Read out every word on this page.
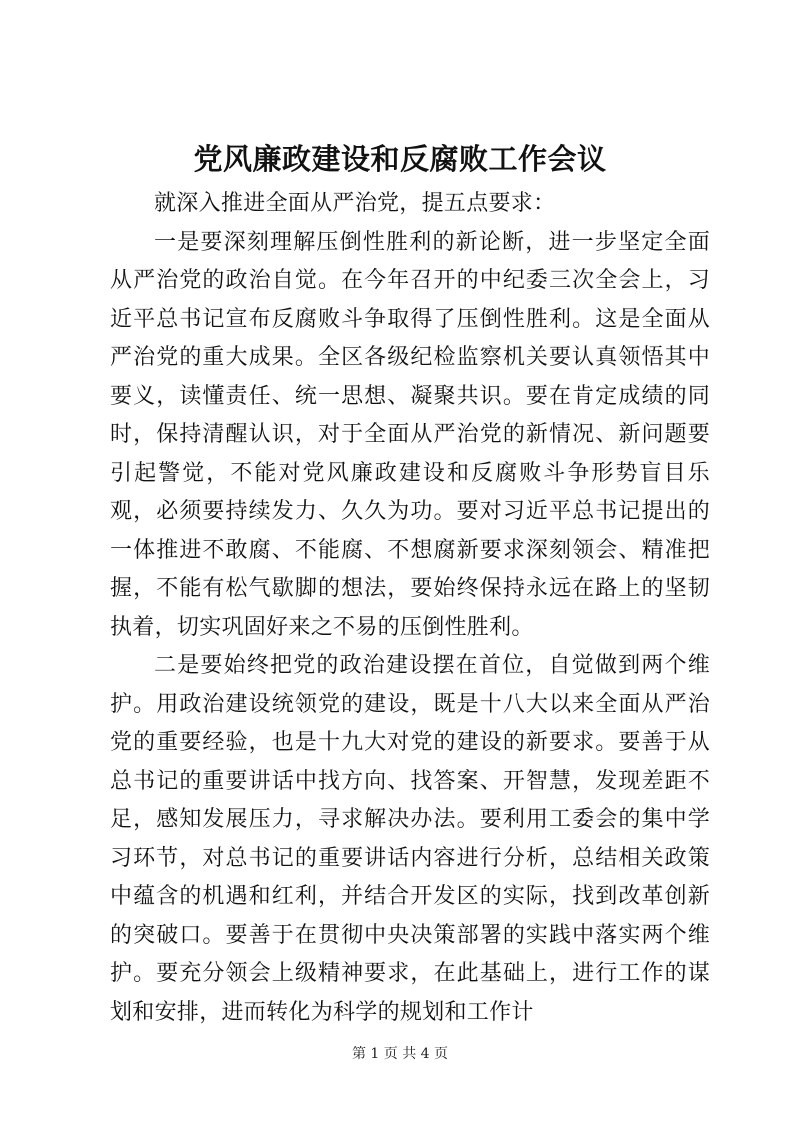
党风廉政建设和反腐败工作会议

就深入推进全面从严治党，提五点要求：

一是要深刻理解压倒性胜利的新论断，进一步坚定全面从严治党的政治自觉。在今年召开的中纪委三次全会上，习近平总书记宣布反腐败斗争取得了压倒性胜利。这是全面从严治党的重大成果。全区各级纪检监察机关要认真领悟其中要义，读懂责任、统一思想、凝聚共识。要在肯定成绩的同时，保持清醒认识，对于全面从严治党的新情况、新问题要引起警觉，不能对党风廉政建设和反腐败斗争形势盲目乐观，必须要持续发力、久久为功。要对习近平总书记提出的一体推进不敢腐、不能腐、不想腐新要求深刻领会、精准把握，不能有松气歇脚的想法，要始终保持永远在路上的坚韧执着，切实巩固好来之不易的压倒性胜利。

二是要始终把党的政治建设摆在首位，自觉做到两个维护。用政治建设统领党的建设，既是十八大以来全面从严治党的重要经验，也是十九大对党的建设的新要求。要善于从总书记的重要讲话中找方向、找答案、开智慧，发现差距不足，感知发展压力，寻求解决办法。要利用工委会的集中学习环节，对总书记的重要讲话内容进行分析，总结相关政策中蕴含的机遇和红利，并结合开发区的实际，找到改革创新的突破口。要善于在贯彻中央决策部署的实践中落实两个维护。要充分领会上级精神要求，在此基础上，进行工作的谋划和安排，进而转化为科学的规划和工作计

第 1 页 共 4 页
